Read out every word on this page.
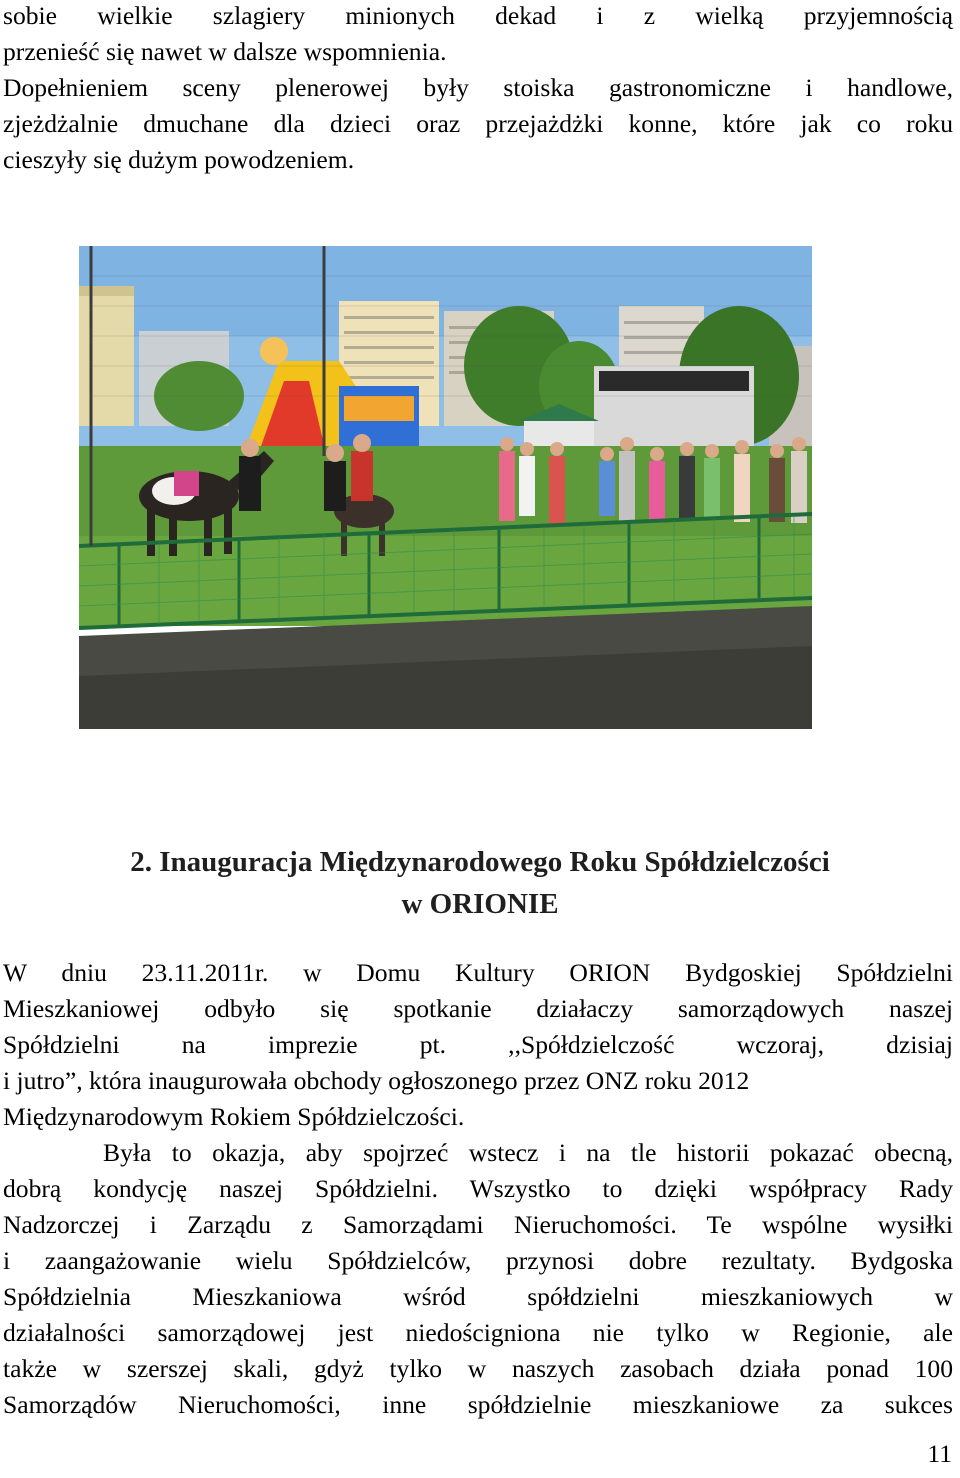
sobie wielkie szlagiery minionych dekad i z wielką przyjemnością
przenieść się nawet w dalsze wspomnienia.
Dopełnieniem sceny plenerowej były stoiska gastronomiczne i handlowe,
zjeżdżalnie dmuchane dla dzieci oraz przejażdżki konne, które jak co roku
cieszyły się dużym powodzeniem.
2. Inauguracja Międzynarodowego Roku Spółdzielczości
w ORIONIE
W dniu 23.11.2011r. w Domu Kultury ORION Bydgoskiej Spółdzielni
Mieszkaniowej odbyło się spotkanie działaczy samorządowych naszej
Spółdzielni na imprezie pt. ,,Spółdzielczość wczoraj, dzisiaj
i jutro”, która inaugurowała obchody ogłoszonego przez ONZ roku 2012
Międzynarodowym Rokiem Spółdzielczości.
Była to okazja, aby spojrzeć wstecz i na tle historii pokazać obecną,
dobrą kondycję naszej Spółdzielni. Wszystko to dzięki współpracy Rady
Nadzorczej i Zarządu z Samorządami Nieruchomości. Te wspólne wysiłki
i zaangażowanie wielu Spółdzielców, przynosi dobre rezultaty. Bydgoska
Spółdzielnia Mieszkaniowa wśród spółdzielni mieszkaniowych w
działalności samorządowej jest niedościgniona nie tylko w Regionie, ale
także w szerszej skali, gdyż tylko w naszych zasobach działa ponad 100
Samorządów Nieruchomości, inne spółdzielnie mieszkaniowe za sukces
11
